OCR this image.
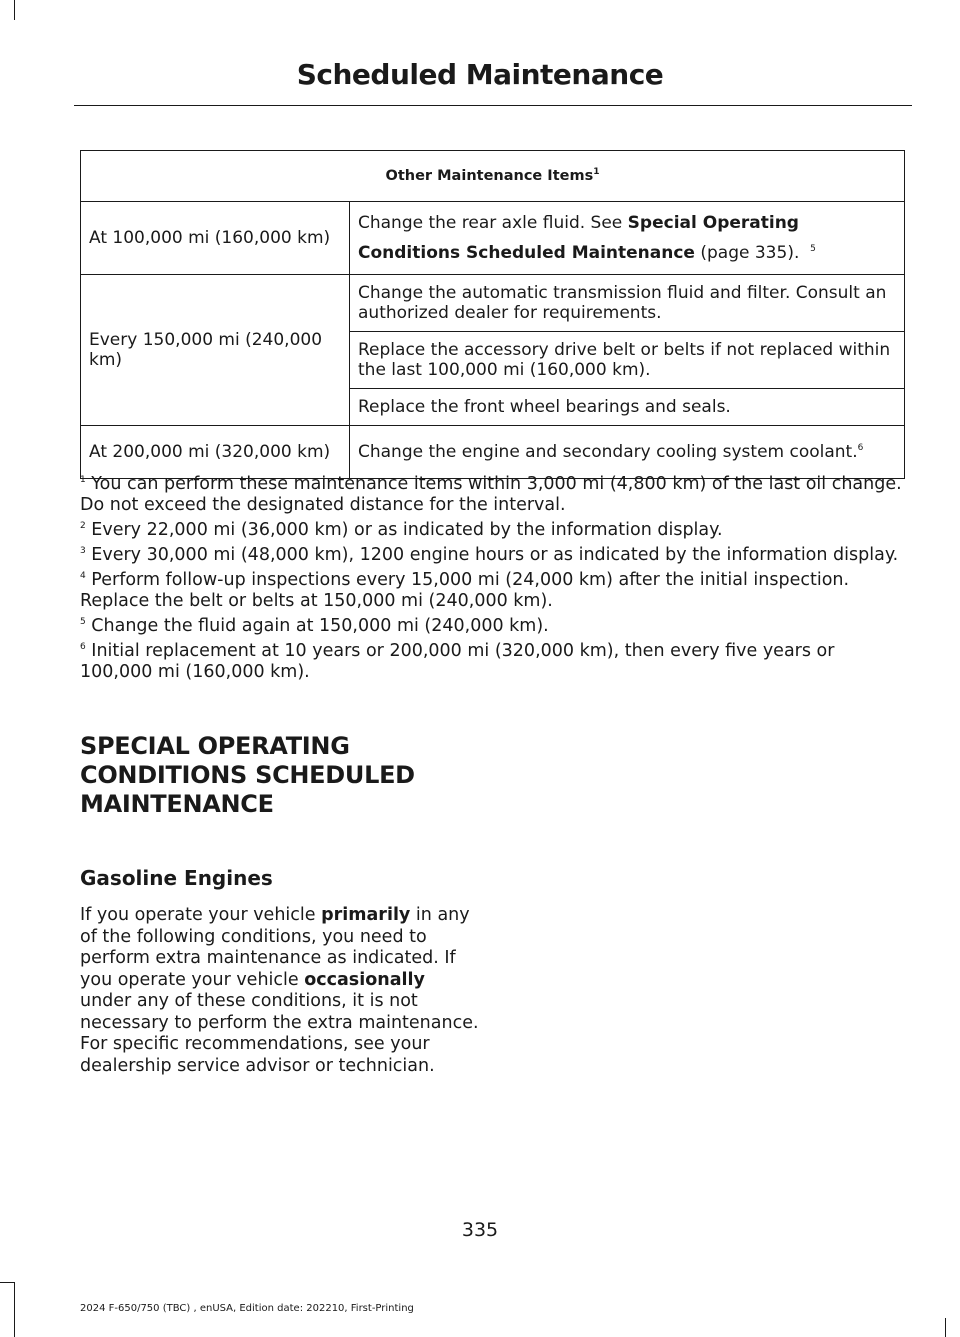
Scheduled Maintenance
Other Maintenance Items$^1$
At 100,000 mi (160,000 km)	Change the rear axle fluid. See Special Operating Conditions Scheduled Maintenance (page 335). $^5$
Every 150,000 mi (240,000 km)	Change the automatic transmission fluid and filter. Consult an authorized dealer for requirements.
	Replace the accessory drive belt or belts if not replaced within the last 100,000 mi (160,000 km).
	Replace the front wheel bearings and seals.
At 200,000 mi (320,000 km)	Change the engine and secondary cooling system coolant.$^6$

$^1$ You can perform these maintenance items within 3,000 mi (4,800 km) of the last oil change. Do not exceed the designated distance for the interval.

$^2$ Every 22,000 mi (36,000 km) or as indicated by the information display.

$^3$ Every 30,000 mi (48,000 km), 1200 engine hours or as indicated by the information display.

$^4$ Perform follow-up inspections every 15,000 mi (24,000 km) after the initial inspection. Replace the belt or belts at 150,000 mi (240,000 km).

$^5$ Change the fluid again at 150,000 mi (240,000 km).

$^6$ Initial replacement at 10 years or 200,000 mi (320,000 km), then every five years or 100,000 mi (160,000 km).

SPECIAL OPERATING CONDITIONS SCHEDULED MAINTENANCE
Gasoline Engines
If you operate your vehicle primarily in any of the following conditions, you need to perform extra maintenance as indicated. If you operate your vehicle occasionally under any of these conditions, it is not necessary to perform the extra maintenance. For specific recommendations, see your dealership service advisor or technician.
335
2024 F-650/750 (TBC) , enUSA, Edition date: 202210, First-Printing
